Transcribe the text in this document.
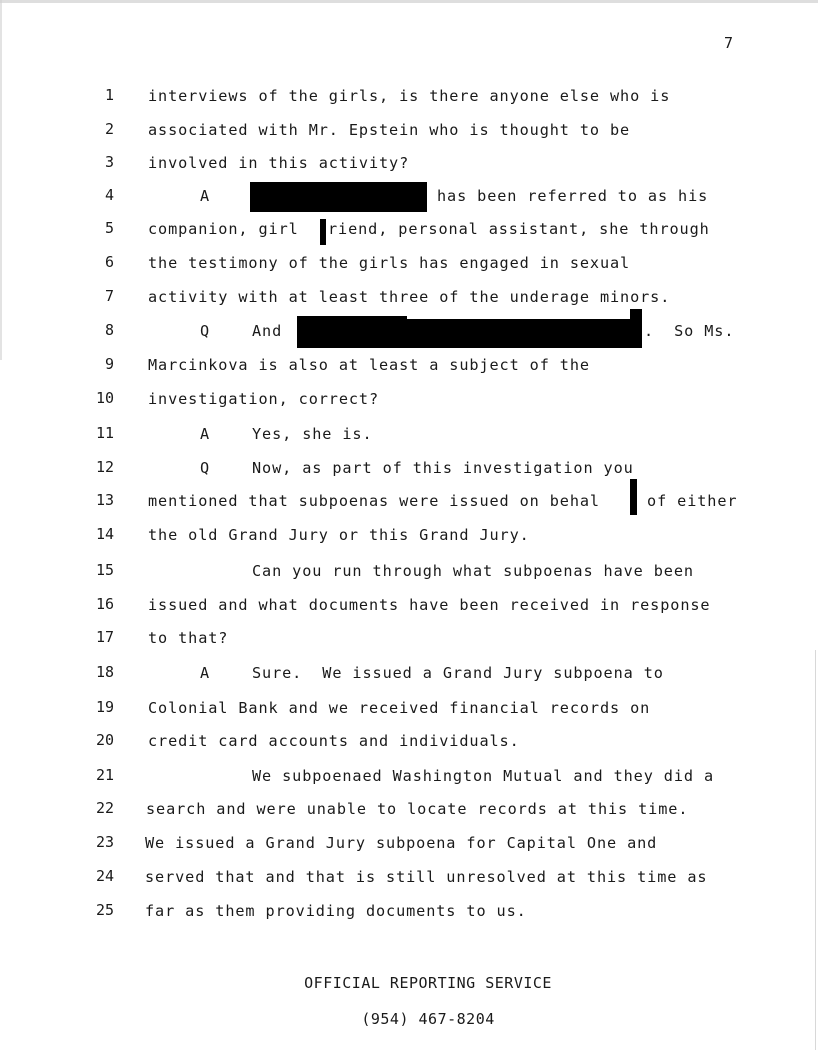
7
1 interviews of the girls, is there anyone else who is
2 associated with Mr. Epstein who is thought to be
3 involved in this activity?
4	A	has been referred to as his
5 companion, girl riend, personal assistant, she through
6 the testimony of the girls has engaged in sexual
7 activity with at least three of the underage minors.
8	Q	And	.  So Ms.
9 Marcinkova is also at least a subject of the
10 investigation, correct?
11	A	Yes, she is.
12	Q	Now, as part of this investigation you
13 mentioned that subpoenas were issued on behal of either
14 the old Grand Jury or this Grand Jury.
15	Can you run through what subpoenas have been
16 issued and what documents have been received in response
17 to that?
18	A	Sure.  We issued a Grand Jury subpoena to
19 Colonial Bank and we received financial records on
20 credit card accounts and individuals.
21	We subpoenaed Washington Mutual and they did a
22 search and were unable to locate records at this time.
23 We issued a Grand Jury subpoena for Capital One and
24 served that and that is still unresolved at this time as
25 far as them providing documents to us.

OFFICIAL REPORTING SERVICE

(954) 467-8204
